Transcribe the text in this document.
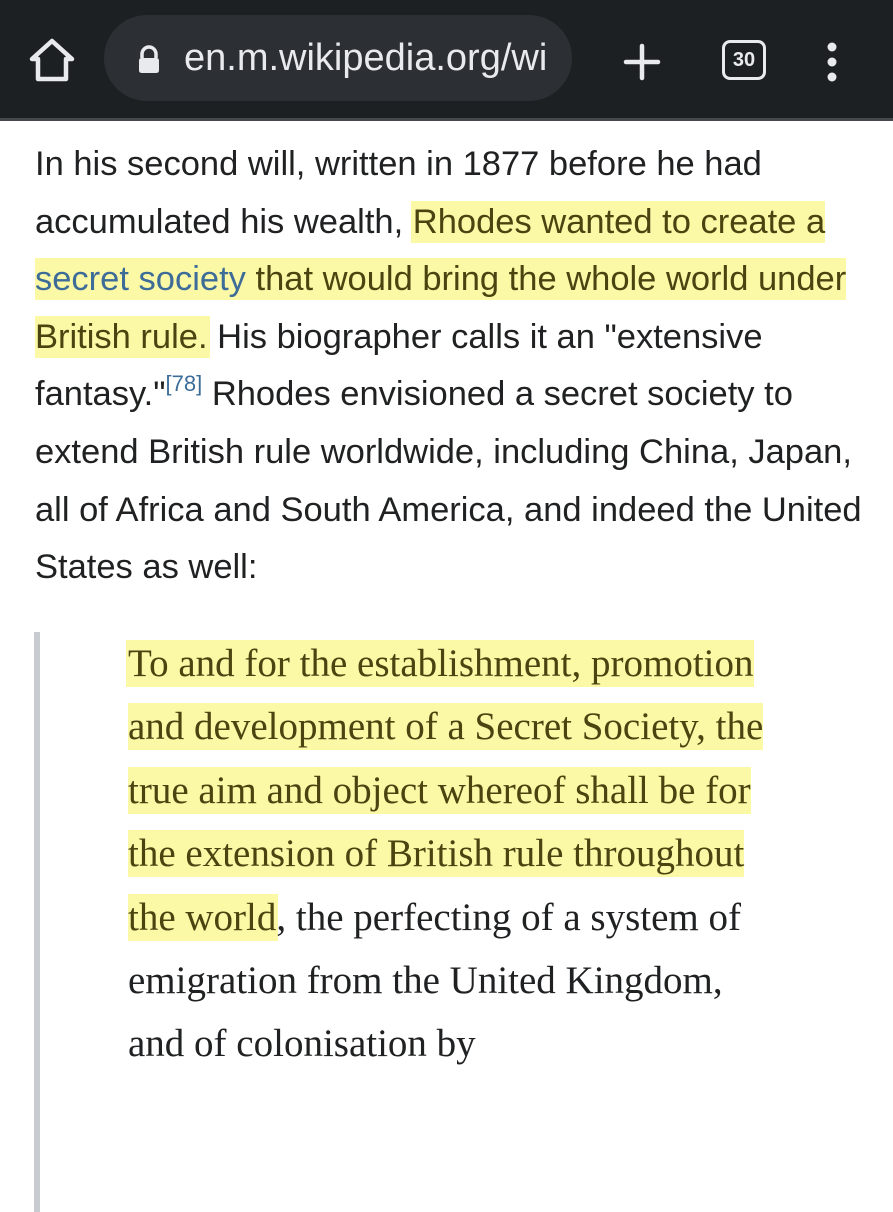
en.m.wikipedia.org/wi	30

In his second will, written in 1877 before he had accumulated his wealth, Rhodes wanted to create a secret society that would bring the whole world under British rule. His biographer calls it an "extensive fantasy."[78] Rhodes envisioned a secret society to extend British rule worldwide, including China, Japan, all of Africa and South America, and indeed the United States as well:

To and for the establishment, promotion and development of a Secret Society, the true aim and object whereof shall be for the extension of British rule throughout the world, the perfecting of a system of emigration from the United Kingdom, and of colonisation by
